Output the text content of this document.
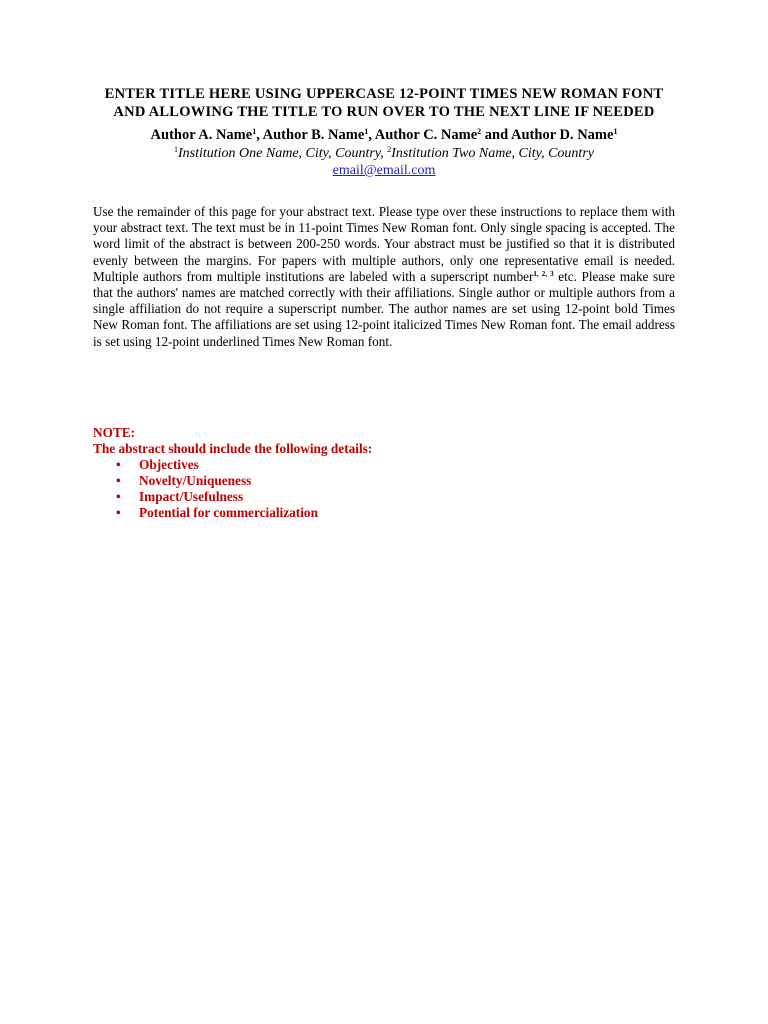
ENTER TITLE HERE USING UPPERCASE 12-POINT TIMES NEW ROMAN FONT
AND ALLOWING THE TITLE TO RUN OVER TO THE NEXT LINE IF NEEDED
Author A. Name$^1$, Author B. Name$^1$, Author C. Name$^2$ and Author D. Name$^1$
$^1$Institution One Name, City, Country, $^2$Institution Two Name, City, Country
email@email.com
Use the remainder of this page for your abstract text. Please type over these instructions to replace them with your abstract text. The text must be in 11-point Times New Roman font. Only single spacing is accepted. The word limit of the abstract is between 200-250 words. Your abstract must be justified so that it is distributed evenly between the margins. For papers with multiple authors, only one representative email is needed. Multiple authors from multiple institutions are labeled with a superscript number$^{1, 2, 3}$ etc. Please make sure that the authors' names are matched correctly with their affiliations. Single author or multiple authors from a single affiliation do not require a superscript number. The author names are set using 12-point bold Times New Roman font. The affiliations are set using 12-point italicized Times New Roman font. The email address is set using 12-point underlined Times New Roman font.
NOTE:
The abstract should include the following details:
• Objectives
• Novelty/Uniqueness
• Impact/Usefulness
• Potential for commercialization
